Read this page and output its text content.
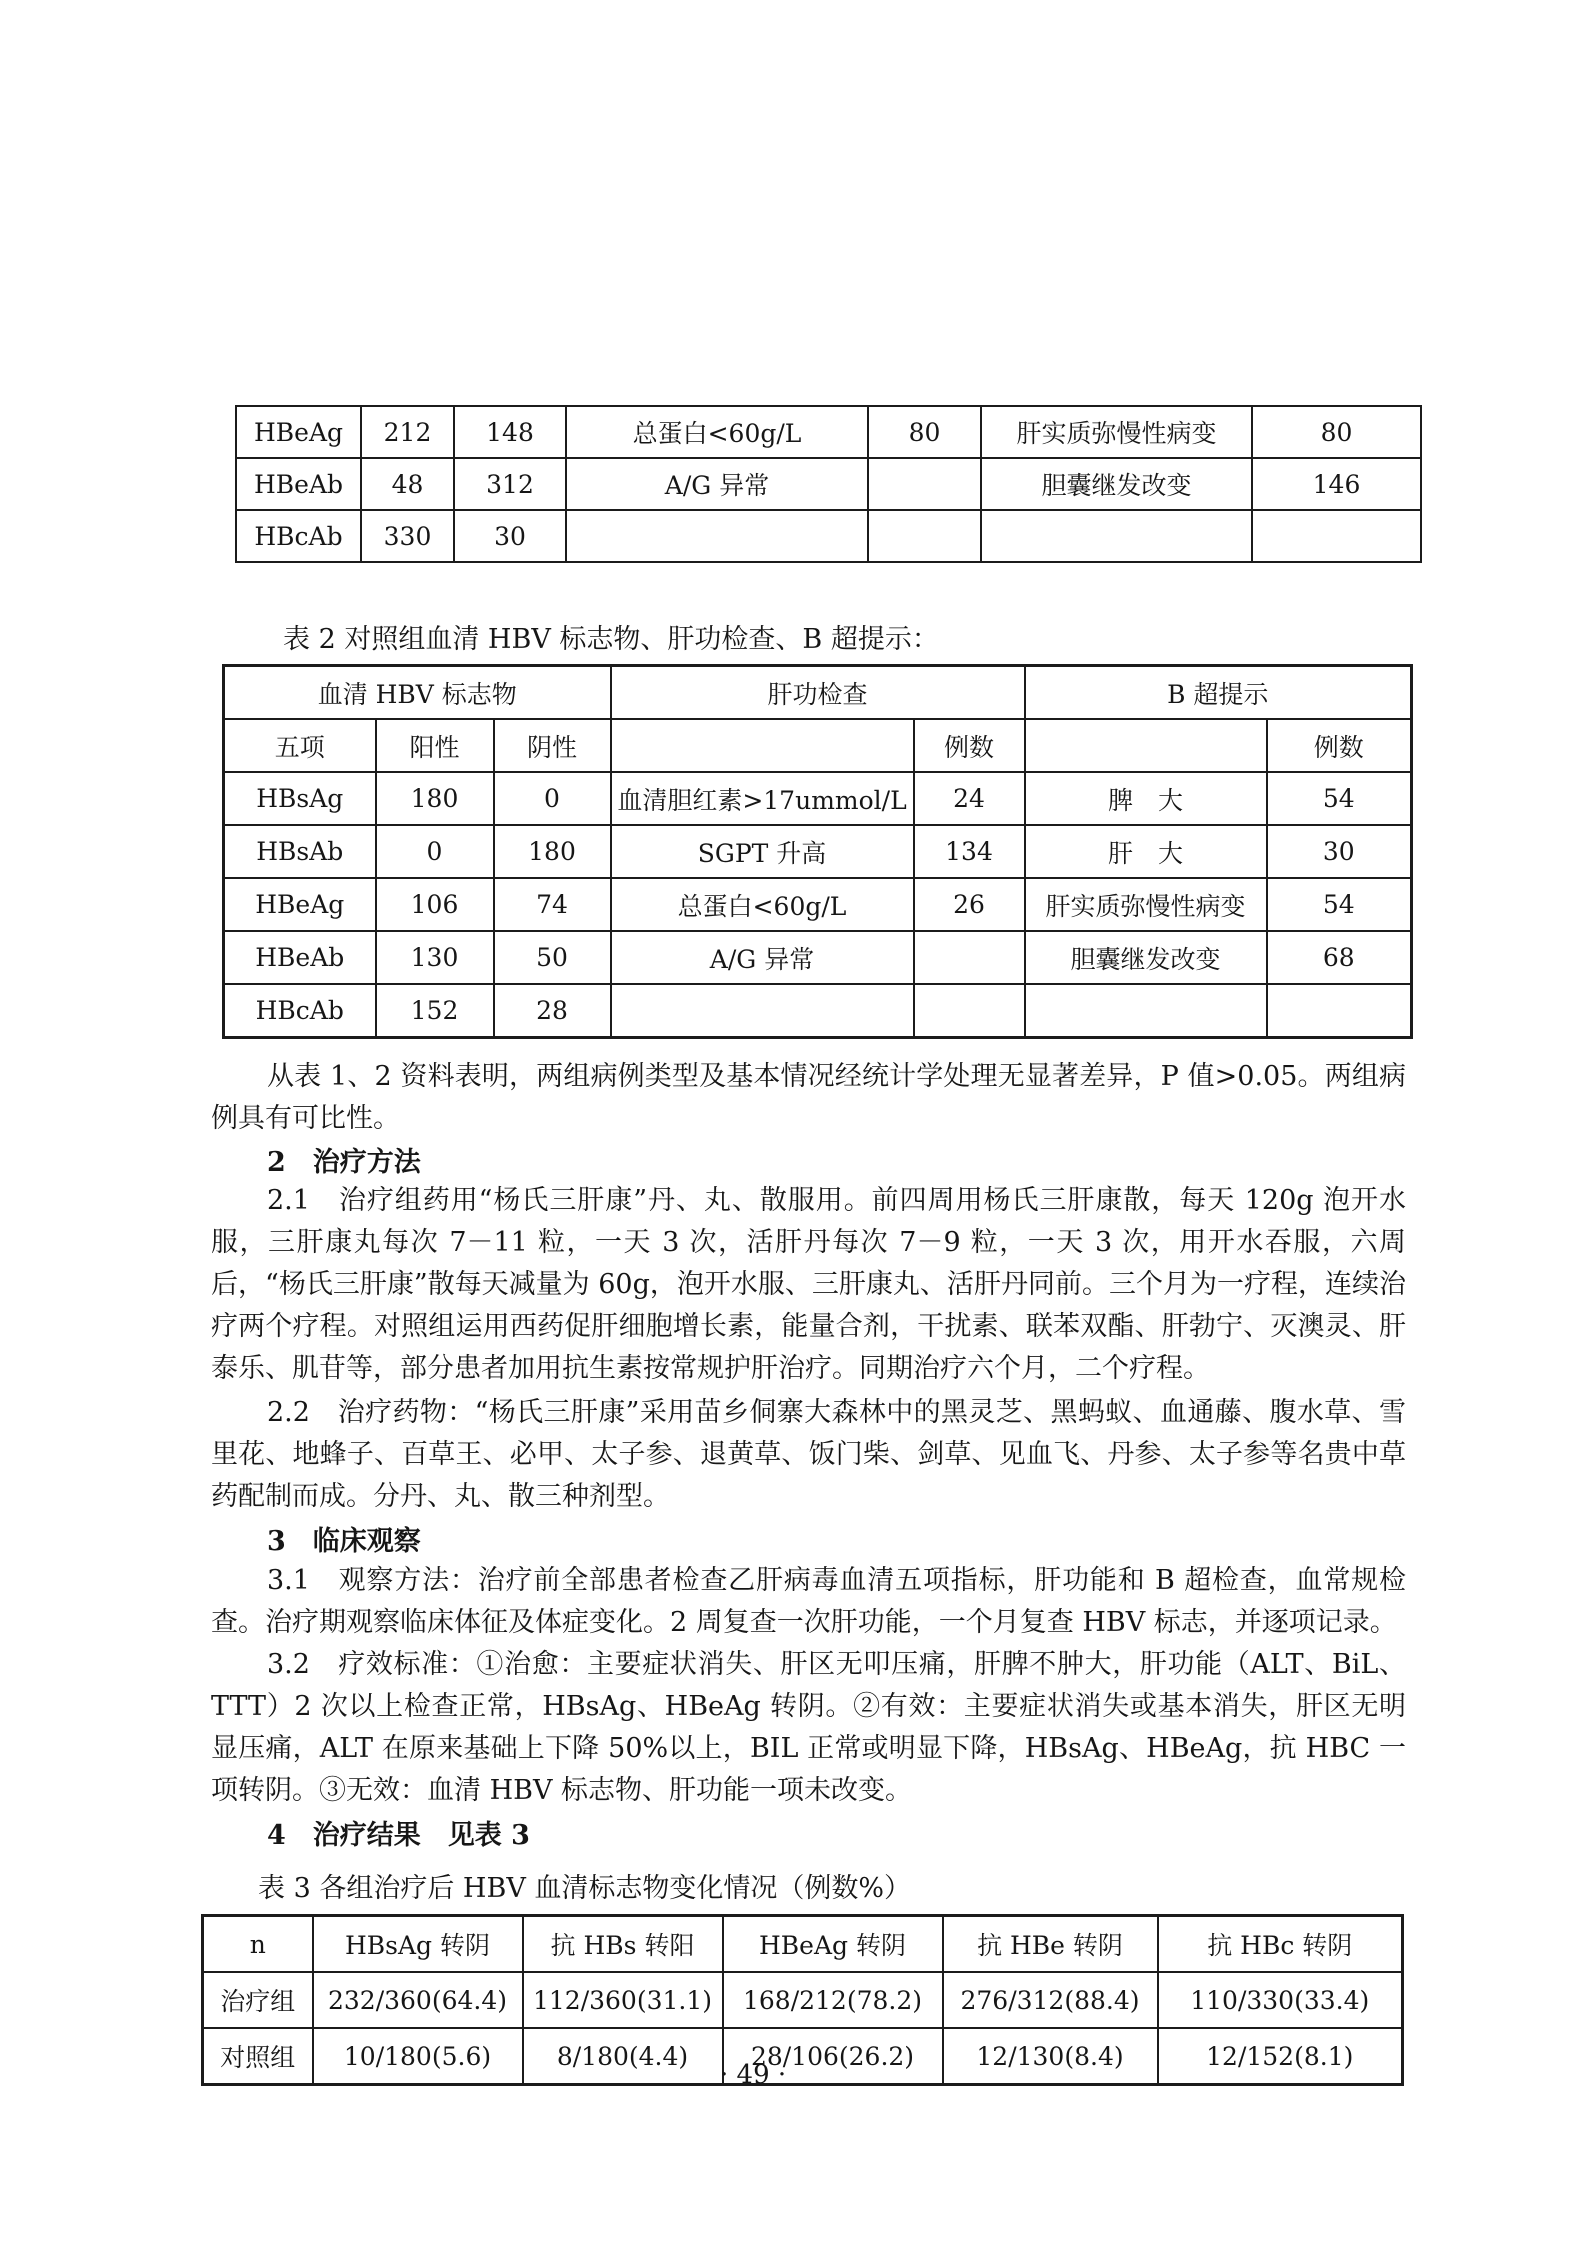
HBeAg	212	148	总蛋白<60g/L	80	肝实质弥慢性病变	80
HBeAb	48	312	A/G 异常		胆囊继发改变	146
HBcAb	330	30				
表 2 对照组血清 HBV 标志物、肝功检查、B 超提示：
血清 HBV 标志物			肝功检查		B 超提示	
五项	阳性	阴性		例数		例数
HBsAg	180	0	血清胆红素>17ummol/L	24	脾　大	54
HBsAb	0	180	SGPT 升高	134	肝　大	30
HBeAg	106	74	总蛋白<60g/L	26	肝实质弥慢性病变	54
HBeAb	130	50	A/G 异常		胆囊继发改变	68
HBcAb	152	28				
从表 1、2 资料表明，两组病例类型及基本情况经统计学处理无显著差异，P 值>0.05。两组病例具有可比性。
2　治疗方法
2.1　治疗组药用“杨氏三肝康”丹、丸、散服用。前四周用杨氏三肝康散，每天 120g 泡开水服，三肝康丸每次 7－11 粒，一天 3 次，活肝丹每次 7－9 粒，一天 3 次，用开水吞服，六周后，“杨氏三肝康”散每天减量为 60g，泡开水服、三肝康丸、活肝丹同前。三个月为一疗程，连续治疗两个疗程。对照组运用西药促肝细胞增长素，能量合剂，干扰素、联苯双酯、肝勃宁、灭澳灵、肝泰乐、肌苷等，部分患者加用抗生素按常规护肝治疗。同期治疗六个月，二个疗程。
2.2　治疗药物：“杨氏三肝康”采用苗乡侗寨大森林中的黑灵芝、黑蚂蚁、血通藤、腹水草、雪里花、地蜂子、百草王、必甲、太子参、退黄草、饭门柴、剑草、见血飞、丹参、太子参等名贵中草药配制而成。分丹、丸、散三种剂型。
3　临床观察
3.1　观察方法：治疗前全部患者检查乙肝病毒血清五项指标，肝功能和 B 超检查，血常规检查。治疗期观察临床体征及体症变化。2 周复查一次肝功能，一个月复查 HBV 标志，并逐项记录。
3.2　疗效标准：①治愈：主要症状消失、肝区无叩压痛，肝脾不肿大，肝功能（ALT、BiL、TTT）2 次以上检查正常，HBsAg、HBeAg 转阴。②有效：主要症状消失或基本消失，肝区无明显压痛，ALT 在原来基础上下降 50%以上，BIL 正常或明显下降，HBsAg、HBeAg，抗 HBC 一项转阴。③无效：血清 HBV 标志物、肝功能一项未改变。
4　治疗结果　见表 3
表 3 各组治疗后 HBV 血清标志物变化情况（例数%）
n	HBsAg 转阴	抗 HBs 转阳	HBeAg 转阴	抗 HBe 转阴	抗 HBc 转阴
治疗组	232/360(64.4)	112/360(31.1)	168/212(78.2)	276/312(88.4)	110/330(33.4)
对照组	10/180(5.6)	8/180(4.4)	28/106(26.2)	12/130(8.4)	12/152(8.1)
· 49 ·
